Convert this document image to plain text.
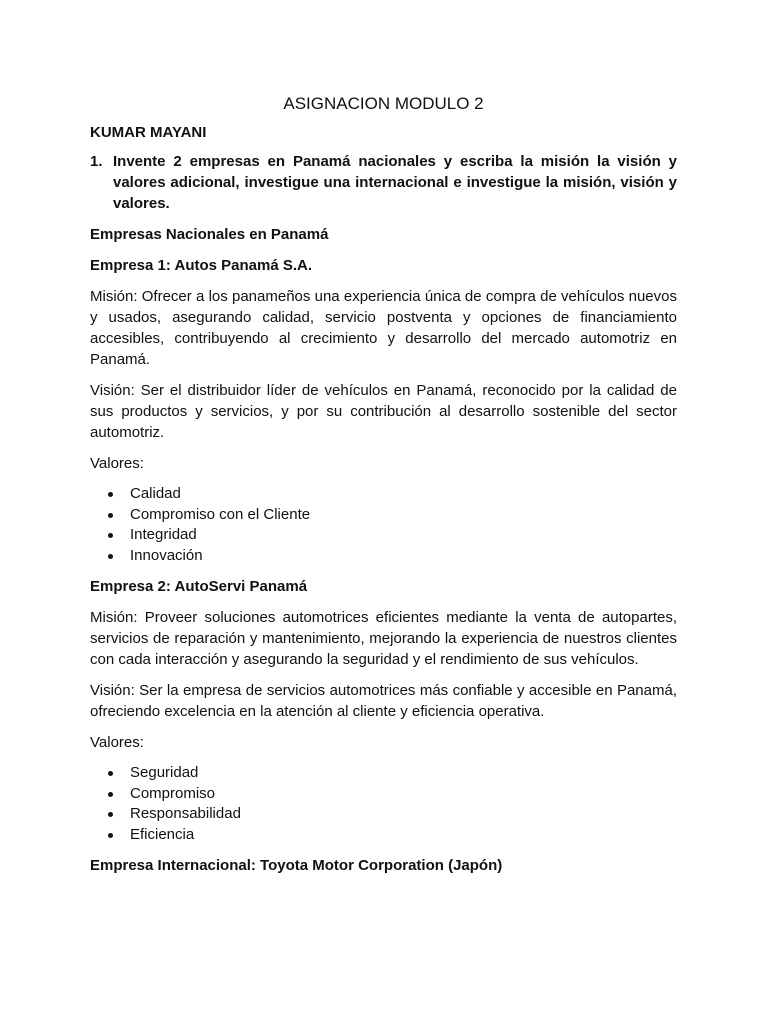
ASIGNACION MODULO 2
KUMAR MAYANI
1. Invente 2 empresas en Panamá nacionales y escriba la misión la visión y valores adicional, investigue una internacional e investigue la misión, visión y valores.
Empresas Nacionales en Panamá
Empresa 1: Autos Panamá S.A.

Misión: Ofrecer a los panameños una experiencia única de compra de vehículos nuevos y usados, asegurando calidad, servicio postventa y opciones de financiamiento accesibles, contribuyendo al crecimiento y desarrollo del mercado automotriz en Panamá.

Visión: Ser el distribuidor líder de vehículos en Panamá, reconocido por la calidad de sus productos y servicios, y por su contribución al desarrollo sostenible del sector automotriz.

Valores:

Calidad
Compromiso con el Cliente
Integridad
Innovación
Empresa 2: AutoServi Panamá

Misión: Proveer soluciones automotrices eficientes mediante la venta de autopartes, servicios de reparación y mantenimiento, mejorando la experiencia de nuestros clientes con cada interacción y asegurando la seguridad y el rendimiento de sus vehículos.

Visión: Ser la empresa de servicios automotrices más confiable y accesible en Panamá, ofreciendo excelencia en la atención al cliente y eficiencia operativa.

Valores:

Seguridad
Compromiso
Responsabilidad
Eficiencia
Empresa Internacional: Toyota Motor Corporation (Japón)
